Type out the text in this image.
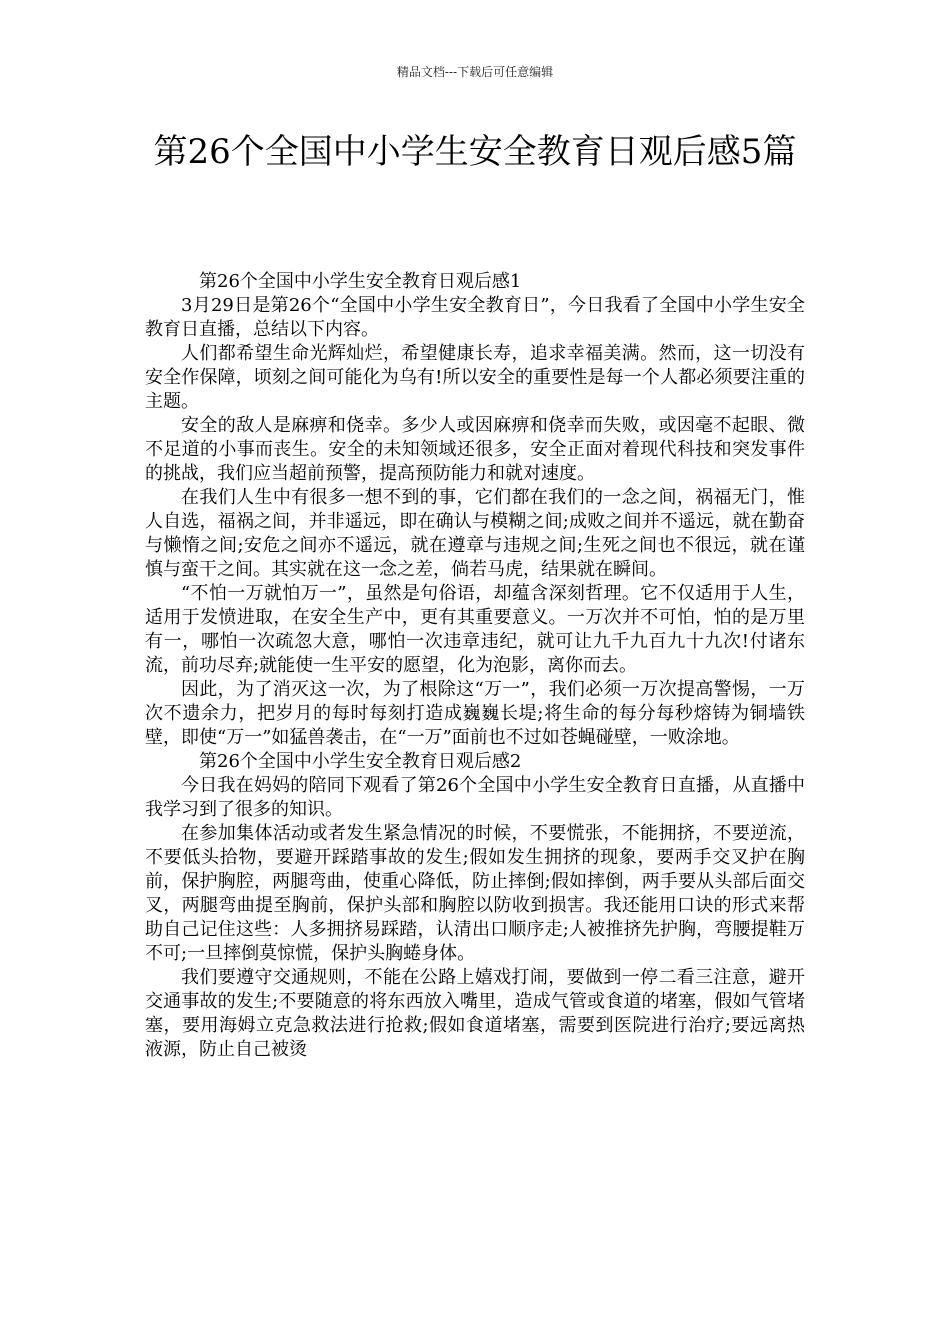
精品文档---下载后可任意编辑
第26个全国中小学生安全教育日观后感5篇

第26个全国中小学生安全教育日观后感1

3月29日是第26个“全国中小学生安全教育日”，今日我看了全国中小学生安全教育日直播，总结以下内容。

人们都希望生命光辉灿烂，希望健康长寿，追求幸福美满。然而，这一切没有安全作保障，顷刻之间可能化为乌有!所以安全的重要性是每一个人都必须要注重的主题。

安全的敌人是麻痹和侥幸。多少人或因麻痹和侥幸而失败，或因毫不起眼、微不足道的小事而丧生。安全的未知领域还很多，安全正面对着现代科技和突发事件的挑战，我们应当超前预警，提高预防能力和就对速度。

在我们人生中有很多一想不到的事，它们都在我们的一念之间，祸福无门，惟人自选，福祸之间，并非遥远，即在确认与模糊之间;成败之间并不遥远，就在勤奋与懒惰之间;安危之间亦不遥远，就在遵章与违规之间;生死之间也不很远，就在谨慎与蛮干之间。其实就在这一念之差，倘若马虎，结果就在瞬间。

“不怕一万就怕万一”，虽然是句俗语，却蕴含深刻哲理。它不仅适用于人生，适用于发愤进取，在安全生产中，更有其重要意义。一万次并不可怕，怕的是万里有一，哪怕一次疏忽大意，哪怕一次违章违纪，就可让九千九百九十九次!付诸东流，前功尽弃;就能使一生平安的愿望，化为泡影，离你而去。

因此，为了消灭这一次，为了根除这“万一”，我们必须一万次提高警惕，一万次不遗余力，把岁月的每时每刻打造成巍巍长堤;将生命的每分每秒熔铸为铜墙铁壁，即使“万一”如猛兽袭击，在“一万”面前也不过如苍蝇碰壁，一败涂地。

第26个全国中小学生安全教育日观后感2

今日我在妈妈的陪同下观看了第26个全国中小学生安全教育日直播，从直播中我学习到了很多的知识。

在参加集体活动或者发生紧急情况的时候，不要慌张，不能拥挤，不要逆流，不要低头拾物，要避开踩踏事故的发生;假如发生拥挤的现象，要两手交叉护在胸前，保护胸腔，两腿弯曲，使重心降低，防止摔倒;假如摔倒，两手要从头部后面交叉，两腿弯曲提至胸前，保护头部和胸腔以防收到损害。我还能用口诀的形式来帮助自己记住这些：人多拥挤易踩踏，认清出口顺序走;人被推挤先护胸，弯腰提鞋万不可;一旦摔倒莫惊慌，保护头胸蜷身体。

我们要遵守交通规则，不能在公路上嬉戏打闹，要做到一停二看三注意，避开交通事故的发生;不要随意的将东西放入嘴里，造成气管或食道的堵塞，假如气管堵塞，要用海姆立克急救法进行抢救;假如食道堵塞，需要到医院进行治疗;要远离热液源，防止自己被烫
